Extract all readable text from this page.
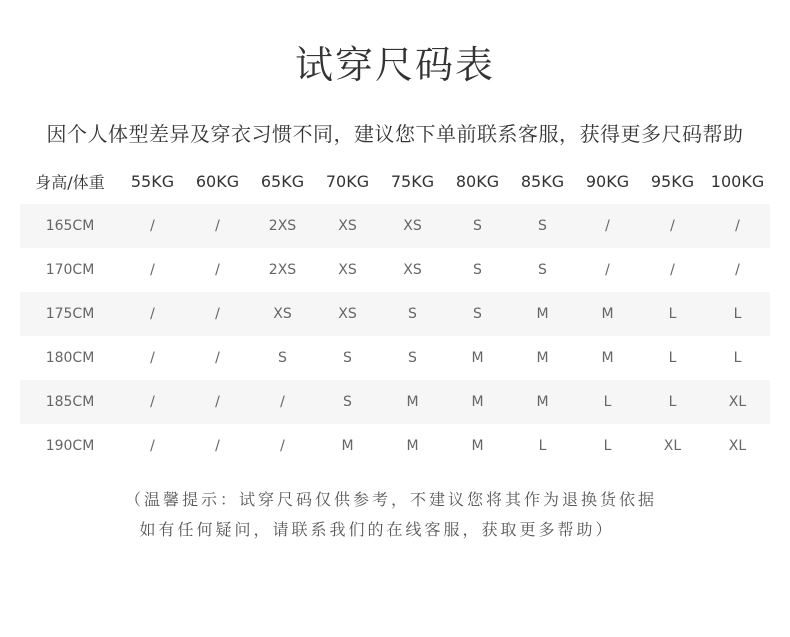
试穿尺码表
因个人体型差异及穿衣习惯不同，建议您下单前联系客服，获得更多尺码帮助
身高/体重	55KG	60KG	65KG	70KG	75KG	80KG	85KG	90KG	95KG	100KG
165CM	/	/	2XS	XS	XS	S	S	/	/	/
170CM	/	/	2XS	XS	XS	S	S	/	/	/
175CM	/	/	XS	XS	S	S	M	M	L	L
180CM	/	/	S	S	S	M	M	M	L	L
185CM	/	/	/	S	M	M	M	L	L	XL
190CM	/	/	/	M	M	M	L	L	XL	XL
（温馨提示：试穿尺码仅供参考，不建议您将其作为退换货依据
如有任何疑问，请联系我们的在线客服，获取更多帮助）
